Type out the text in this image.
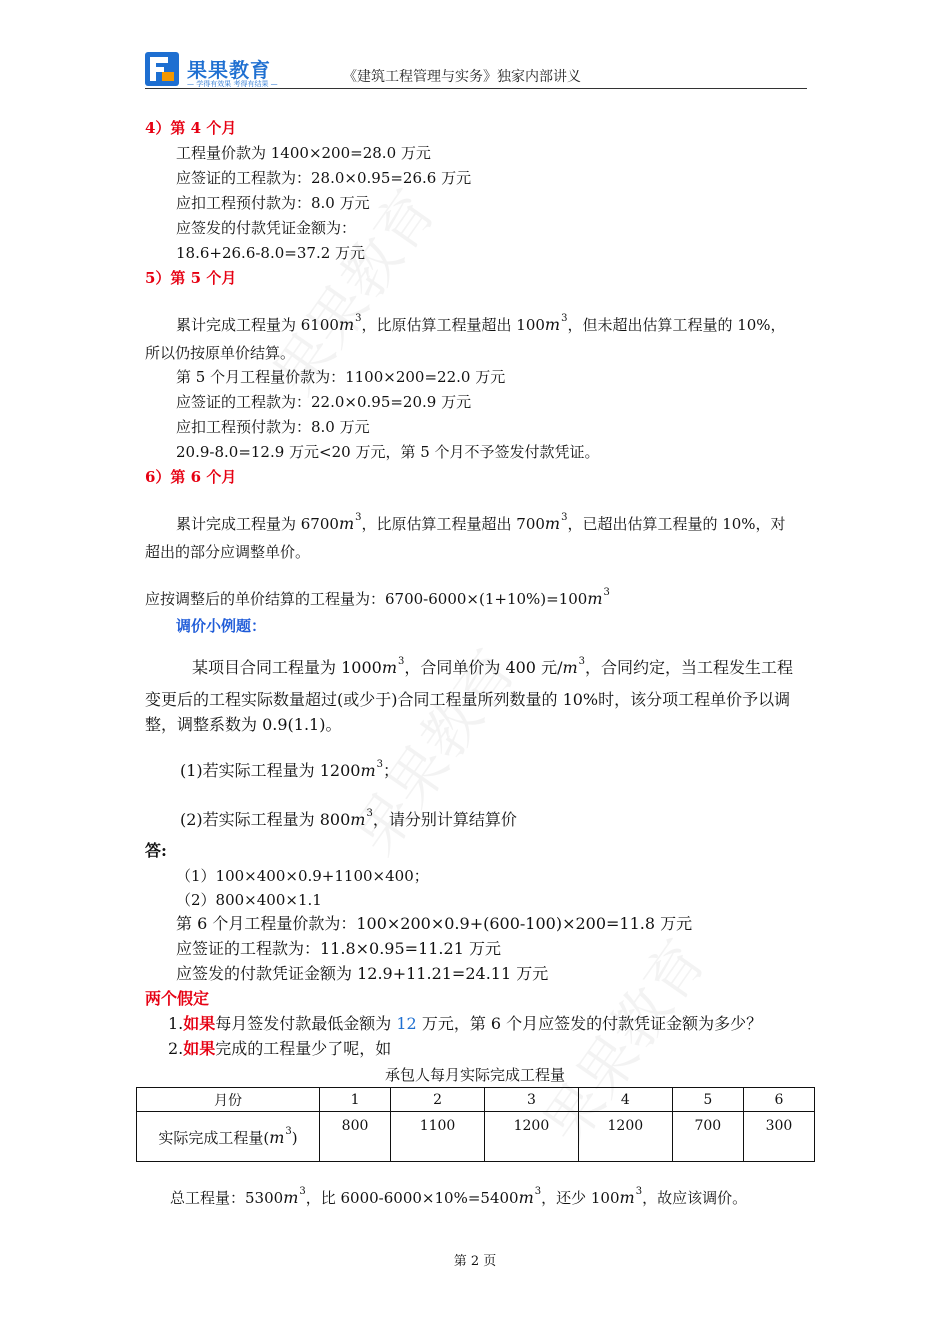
果果教育
— 学得有效果 考得有结果 —	《建筑工程管理与实务》独家内部讲义
4）第 4 个月
工程量价款为 1400×200=28.0 万元
应签证的工程款为：28.0×0.95=26.6 万元
应扣工程预付款为：8.0 万元
应签发的付款凭证金额为：
18.6+26.6-8.0=37.2 万元
5）第 5 个月
累计完成工程量为 $6100m^3$，比原估算工程量超出 $100m^3$，但未超出估算工程量的 10%，
所以仍按原单价结算。
第 5 个月工程量价款为：1100×200=22.0 万元
应签证的工程款为：22.0×0.95=20.9 万元
应扣工程预付款为：8.0 万元
20.9-8.0=12.9 万元<20 万元，第 5 个月不予签发付款凭证。
6）第 6 个月
累计完成工程量为 $6700m^3$，比原估算工程量超出 $700m^3$，已超出估算工程量的 10%，对
超出的部分应调整单价。
应按调整后的单价结算的工程量为：$6700-6000\times(1+10\%)=100m^3$
调价小例题：
某项目合同工程量为 $1000m^3$，合同单价为 400 元$/m^3$，合同约定，当工程发生工程
变更后的工程实际数量超过(或少于)合同工程量所列数量的 10%时，该分项工程单价予以调
整，调整系数为 0.9(1.1)。
(1)若实际工程量为 $1200m^3$；
(2)若实际工程量为 $800m^3$，请分别计算结算价
答:
（1）100×400×0.9+1100×400；
（2）800×400×1.1
第 6 个月工程量价款为：100×200×0.9+(600-100)×200=11.8 万元
应签证的工程款为：11.8×0.95=11.21 万元
应签发的付款凭证金额为 12.9+11.21=24.11 万元
两个假定
1.如果每月签发付款最低金额为 12 万元，第 6 个月应签发的付款凭证金额为多少？
2.如果完成的工程量少了呢，如
承包人每月实际完成工程量
月份	1	2	3	4	5	6
实际完成工程量$(m^3)$	800	1100	1200	1200	700	300
总工程量：$5300m^3$，比 $6000-6000\times 10\%=5400m^3$，还少 $100m^3$，故应该调价。
第 2 页
